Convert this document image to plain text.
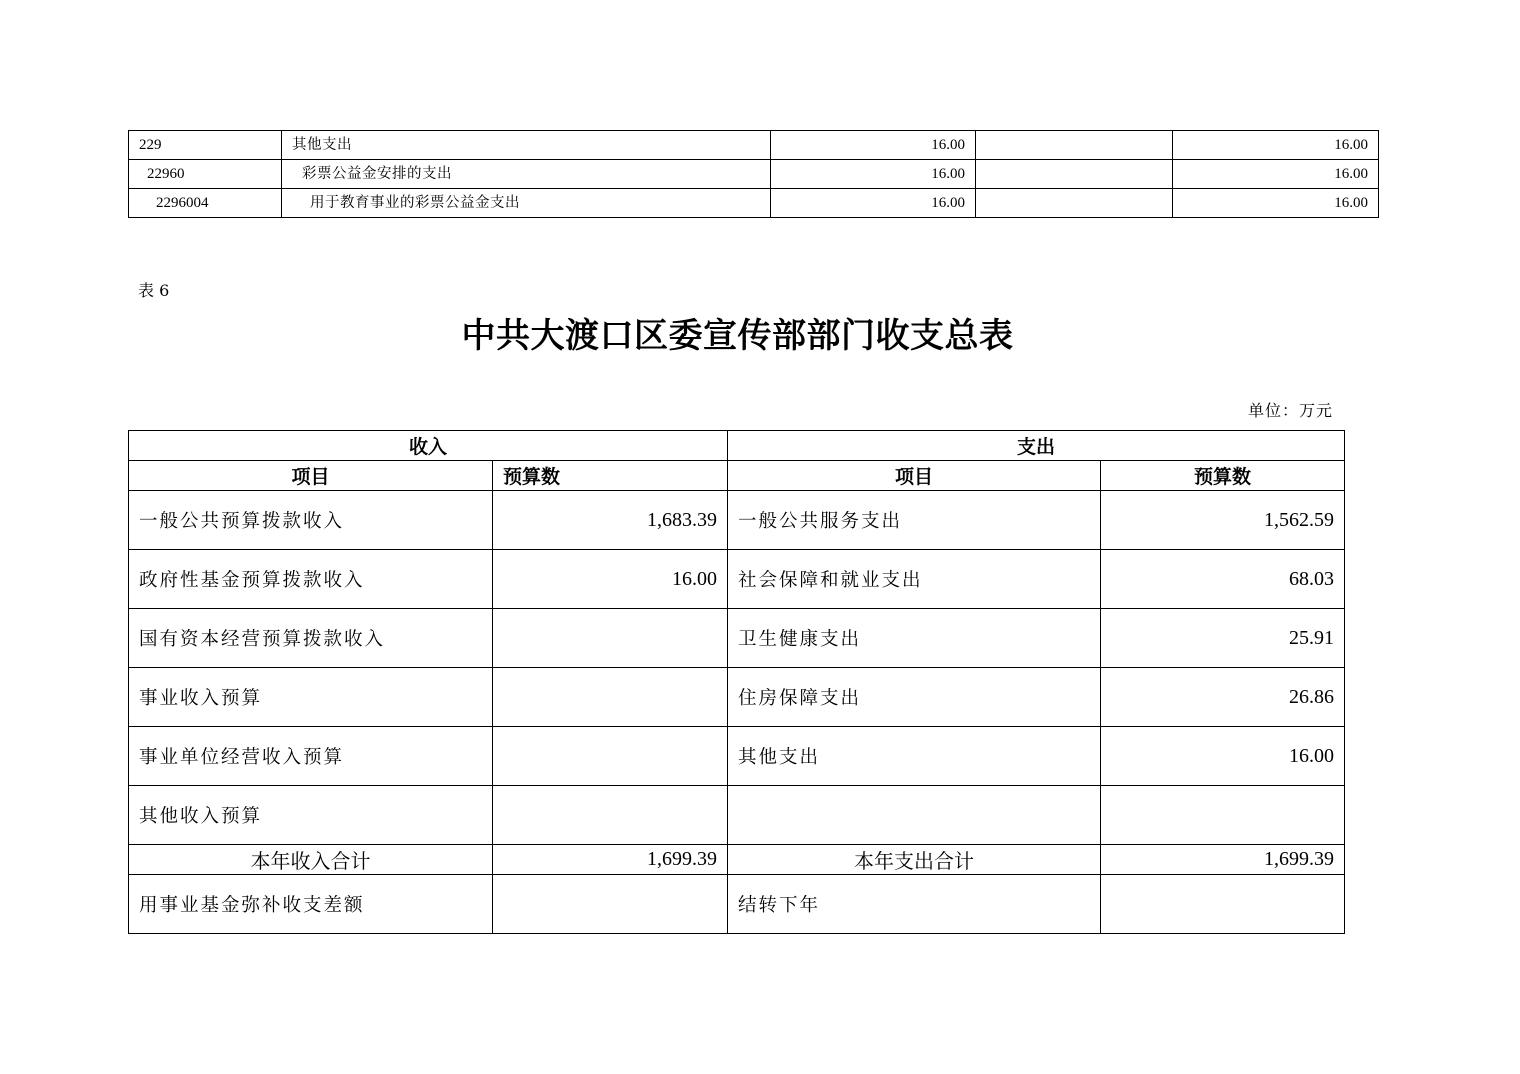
229	其他支出	16.00		16.00
22960	彩票公益金安排的支出	16.00		16.00
2296004	用于教育事业的彩票公益金支出	16.00		16.00
表 6
中共大渡口区委宣传部部门收支总表
单位：万元
收入		支出	
项目	预算数	项目	预算数
一般公共预算拨款收入	1,683.39	一般公共服务支出	1,562.59
政府性基金预算拨款收入	16.00	社会保障和就业支出	68.03
国有资本经营预算拨款收入		卫生健康支出	25.91
事业收入预算		住房保障支出	26.86
事业单位经营收入预算		其他支出	16.00
其他收入预算			
本年收入合计	1,699.39	本年支出合计	1,699.39
用事业基金弥补收支差额		结转下年	
